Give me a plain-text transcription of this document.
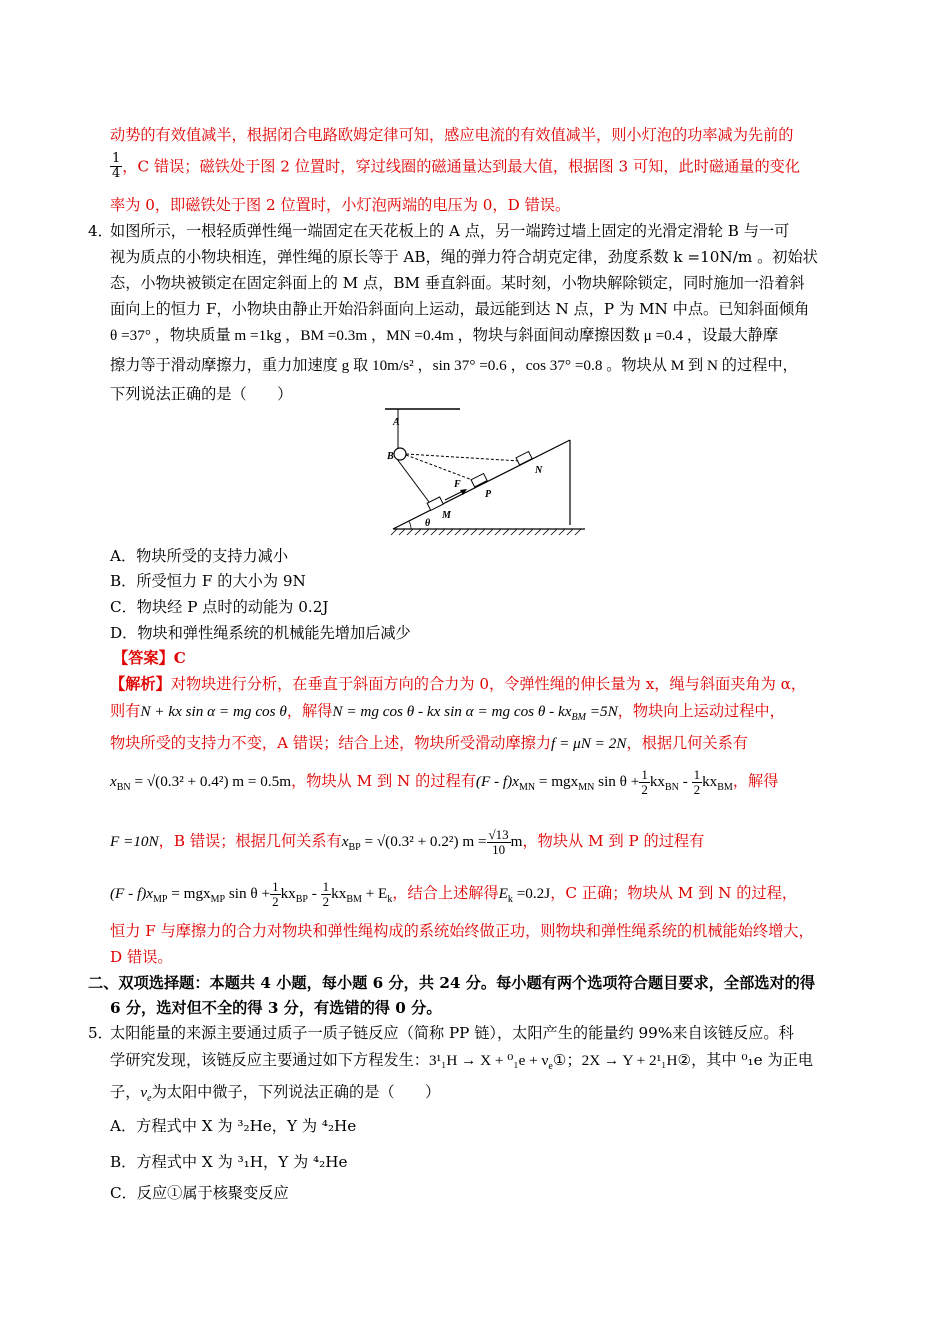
动势的有效值减半，根据闭合电路欧姆定律可知，感应电流的有效值减半，则小灯泡的功率减为先前的
$\frac{1}{4}$ ，C 错误；磁铁处于图 2 位置时，穿过线圈的磁通量达到最大值，根据图 3 可知，此时磁通量的变化
率为 0，即磁铁处于图 2 位置时，小灯泡两端的电压为 0，D 错误。
4．
如图所示，一根轻质弹性绳一端固定在天花板上的 A 点，另一端跨过墙上固定的光滑定滑轮 B 与一可
视为质点的小物块相连，弹性绳的原长等于 AB，绳的弹力符合胡克定律，劲度系数 k =10N/m 。初始状
态，小物块被锁定在固定斜面上的 M 点，BM 垂直斜面。某时刻，小物块解除锁定，同时施加一沿着斜
面向上的恒力 F，小物块由静止开始沿斜面向上运动，最远能到达 N 点，P 为 MN 中点。已知斜面倾角
θ =37° ，物块质量 m =1kg ，BM =0.3m ，MN =0.4m ，物块与斜面间动摩擦因数 μ =0.4 ，设最大静摩
擦力等于滑动摩擦力，重力加速度 g 取 10m/s² ，sin 37° =0.6 ，cos 37° =0.8 。物块从 M 到 N 的过程中，
下列说法正确的是（　　）
A
B
M
F
P
N
θ
A．物块所受的支持力减小
B．所受恒力 F 的大小为 9N
C．物块经 P 点时的动能为 0.2J
D．物块和弹性绳系统的机械能先增加后减少
【答案】C
【解析】对物块进行分析，在垂直于斜面方向的合力为 0，令弹性绳的伸长量为 x，绳与斜面夹角为 α，
则有N + kx sin α = mg cos θ，解得N = mg cos θ - kx sin α = mg $\cos \theta - kx_{BM} =5N$，物块向上运动过程中，
物块所受的支持力不变，A 错误；结合上述，物块所受滑动摩擦力f = μN = 2N，根据几何关系有
$x_{BN} = √(0.3^2 + 0.4^2) m = 0.5m$，物块从 M 到 N 的过程有$(F - f)x_{MN} = mgx_{MN}$ $\sin \theta + \frac{1}{2} kx_{BN} - \frac{1}{2} kx_{BM}$，解得
F =10N，B 错误；根据几何关系有$x_{BP} = √(0.3^2 + 0.2^2) m = \frac{√13}{10}$ m，物块从 M 到 P 的过程有
$(F - f)x_{MP} = mgx_{MP}$ $\sin \theta + \frac{1}{2} kx_{BP} - \frac{1}{2} kx_{BM} + E_k$，结合上述解得$E_k =0.2J$，C 正确；物块从 M 到 N 的过程，
恒力 F 与摩擦力的合力对物块和弹性绳构成的系统始终做正功，则物块和弹性绳系统的机械能始终增大，
D 错误。
二、双项选择题：本题共 4 小题，每小题 6 分，共 24 分。每小题有两个选项符合题目要求，全部选对的得
6 分，选对但不全的得 3 分，有选错的得 0 分。
5．
太阳能量的来源主要通过质子一质子链反应（简称 PP 链），太阳产生的能量约 99%来自该链反应。科
学研究发现，该链反应主要通过如下方程发生：$3^1_1H \to X + ^0_1e + \nu_e①$；2X → Y + 2¹₁H②，其中 ⁰₁e 为正电
子，$\nu_e$为太阳中微子，下列说法正确的是（　　）
A．方程式中 X 为 ³₂He，Y 为 ⁴₂He
B．方程式中 X 为 ³₁H，Y 为 ⁴₂He
C．反应①属于核聚变反应
